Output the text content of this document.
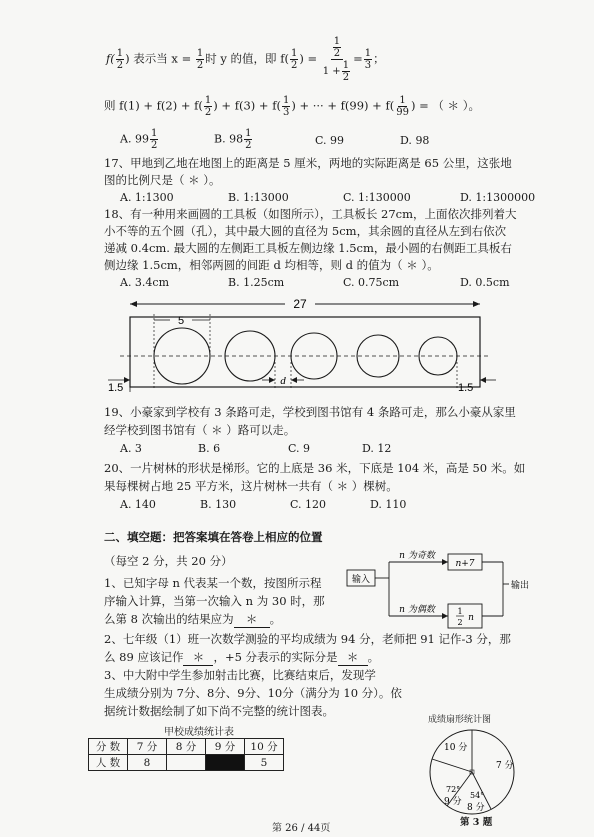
$f( \frac{1}{2}$ ) 表示当 $x = \frac{1}{2}$ 时 y 的值，即 $f( \frac{1}{2}$ ) = $\frac{\frac{1}{2}}{1 + \frac{1}{2}} = \frac{1}{3}$ ；
则 $f(1) + f(2) + f( \frac{1}{2}$ ) + $f(3) + f( \frac{1}{3}$ ) + ··· + $f(99) + f( \frac{1}{99}$ ) = （ ＊ ）。
A. $99 \frac{1}{2}$	B. $98 \frac{1}{2}$	C. 99	D. 98
17、甲地到乙地在地图上的距离是 5 厘米，两地的实际距离是 65 公里，这张地
图的比例尺是（ ＊ ）。
A. 1:1300	B. 1:13000	C. 1:130000	D. 1:1300000
18、有一种用来画圆的工具板（如图所示），工具板长 27cm，上面依次排列着大
小不等的五个圆（孔），其中最大圆的直径为 5cm，其余圆的直径从左到右依次
递减 0.4cm. 最大圆的左侧距工具板左侧边缘 1.5cm，最小圆的右侧距工具板右
侧边缘 1.5cm，相邻两圆的间距 d 均相等，则 d 的值为（ ＊ ）。
A. 3.4cm	B. 1.25cm	C. 0.75cm	D. 0.5cm
27
5
1.5
d
1.5
19、小豪家到学校有 3 条路可走，学校到图书馆有 4 条路可走，那么小豪从家里
经学校到图书馆有（ ＊ ）路可以走。
A. 3	B. 6	C. 9	D. 12
20、一片树林的形状是梯形。它的上底是 36 米，下底是 104 米，高是 50 米。如
果每棵树占地 25 平方米，这片树林一共有（ ＊ ）棵树。
A. 140	B. 130	C. 120	D. 110
二、填空题：把答案填在答卷上相应的位置
（每空 2 分，共 20 分）
1、已知字母 n 代表某一个数，按图所示程
序输入计算，当第一次输入 n 为 30 时，那
么第 8 次输出的结果应为 ＊ 。
输入
n 为奇数
n 为偶数
n+7
1
2 n
输出
2、七年级（1）班一次数学测验的平均成绩为 94 分，老师把 91 记作-3 分，那
么 89 应该记作 ＊ ，+5 分表示的实际分是 ＊ 。
3、中大附中学生参加射击比赛，比赛结束后，发现学
生成绩分别为 7分、8分、9分、10分（满分为 10 分）。依
据统计数据绘制了如下尚不完整的统计图表。
甲校成绩统计表
分 数	7 分	8 分	9 分	10 分
人 数	8			5
成绩扇形统计图
10 分
7 分
72°
9 分
54°
8 分
第 3 题
第 26 / 44页
